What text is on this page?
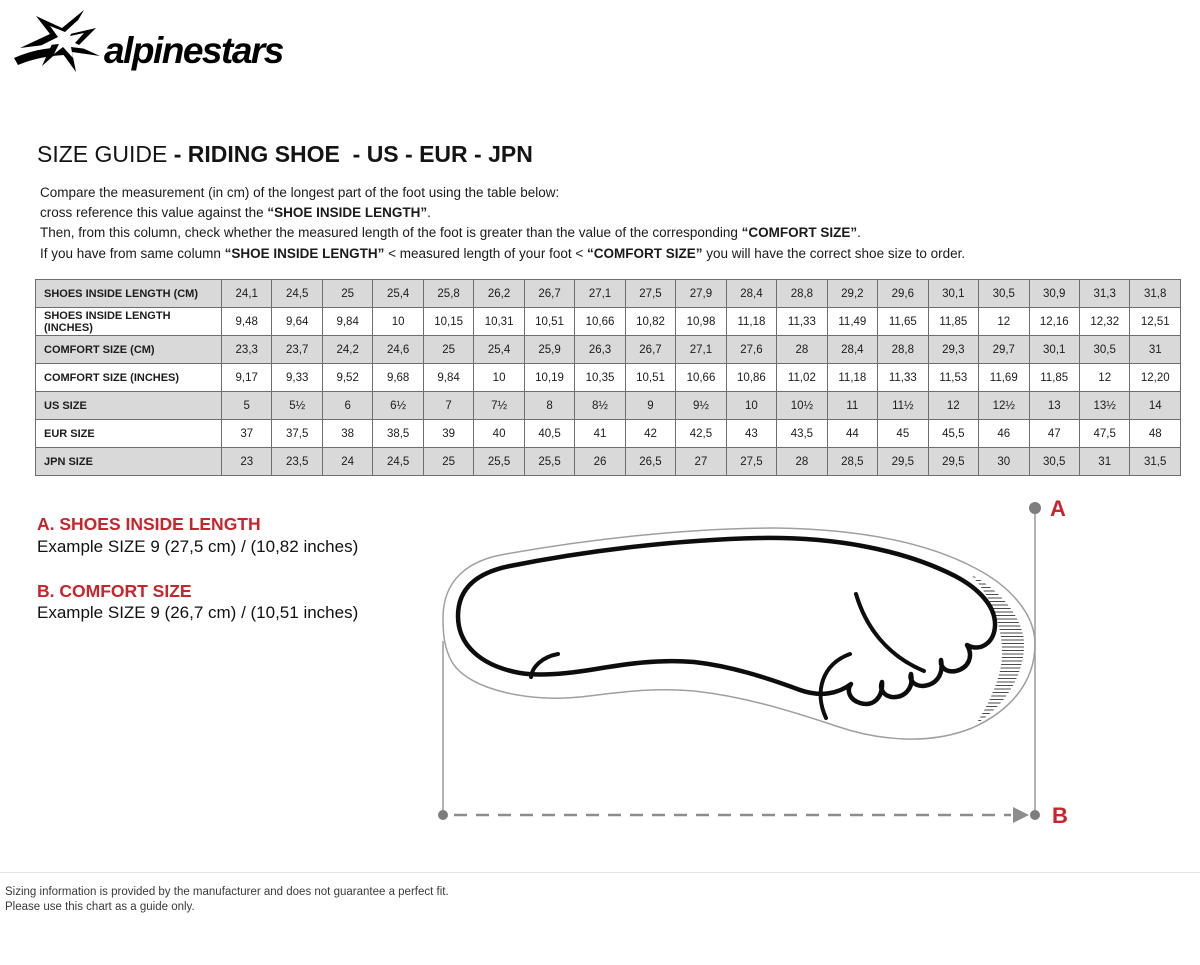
alpinestars
SIZE GUIDE - RIDING SHOE  - US - EUR - JPN
Compare the measurement (in cm) of the longest part of the foot using the table below:
cross reference this value against the “SHOE INSIDE LENGTH”.
Then, from this column, check whether the measured length of the foot is greater than the value of the corresponding “COMFORT SIZE”.
If you have from same column “SHOE INSIDE LENGTH” < measured length of your foot < “COMFORT SIZE” you will have the correct shoe size to order.
SHOES INSIDE LENGTH (CM)	24,1	24,5	25	25,4	25,8	26,2	26,7	27,1	27,5	27,9	28,4	28,8	29,2	29,6	30,1	30,5	30,9	31,3	31,8
SHOES INSIDE LENGTH (INCHES)	9,48	9,64	9,84	10	10,15	10,31	10,51	10,66	10,82	10,98	11,18	11,33	11,49	11,65	11,85	12	12,16	12,32	12,51
COMFORT SIZE (CM)	23,3	23,7	24,2	24,6	25	25,4	25,9	26,3	26,7	27,1	27,6	28	28,4	28,8	29,3	29,7	30,1	30,5	31
COMFORT SIZE (INCHES)	9,17	9,33	9,52	9,68	9,84	10	10,19	10,35	10,51	10,66	10,86	11,02	11,18	11,33	11,53	11,69	11,85	12	12,20
US SIZE	5	5½	6	6½	7	7½	8	8½	9	9½	10	10½	11	11½	12	12½	13	13½	14
EUR SIZE	37	37,5	38	38,5	39	40	40,5	41	42	42,5	43	43,5	44	45	45,5	46	47	47,5	48
JPN SIZE	23	23,5	24	24,5	25	25,5	25,5	26	26,5	27	27,5	28	28,5	29,5	29,5	30	30,5	31	31,5
A. SHOES INSIDE LENGTH
Example SIZE 9 (27,5 cm) / (10,82 inches)
B. COMFORT SIZE
Example SIZE 9 (26,7 cm) / (10,51 inches)
A
B
Sizing information is provided by the manufacturer and does not guarantee a perfect fit.
Please use this chart as a guide only.
